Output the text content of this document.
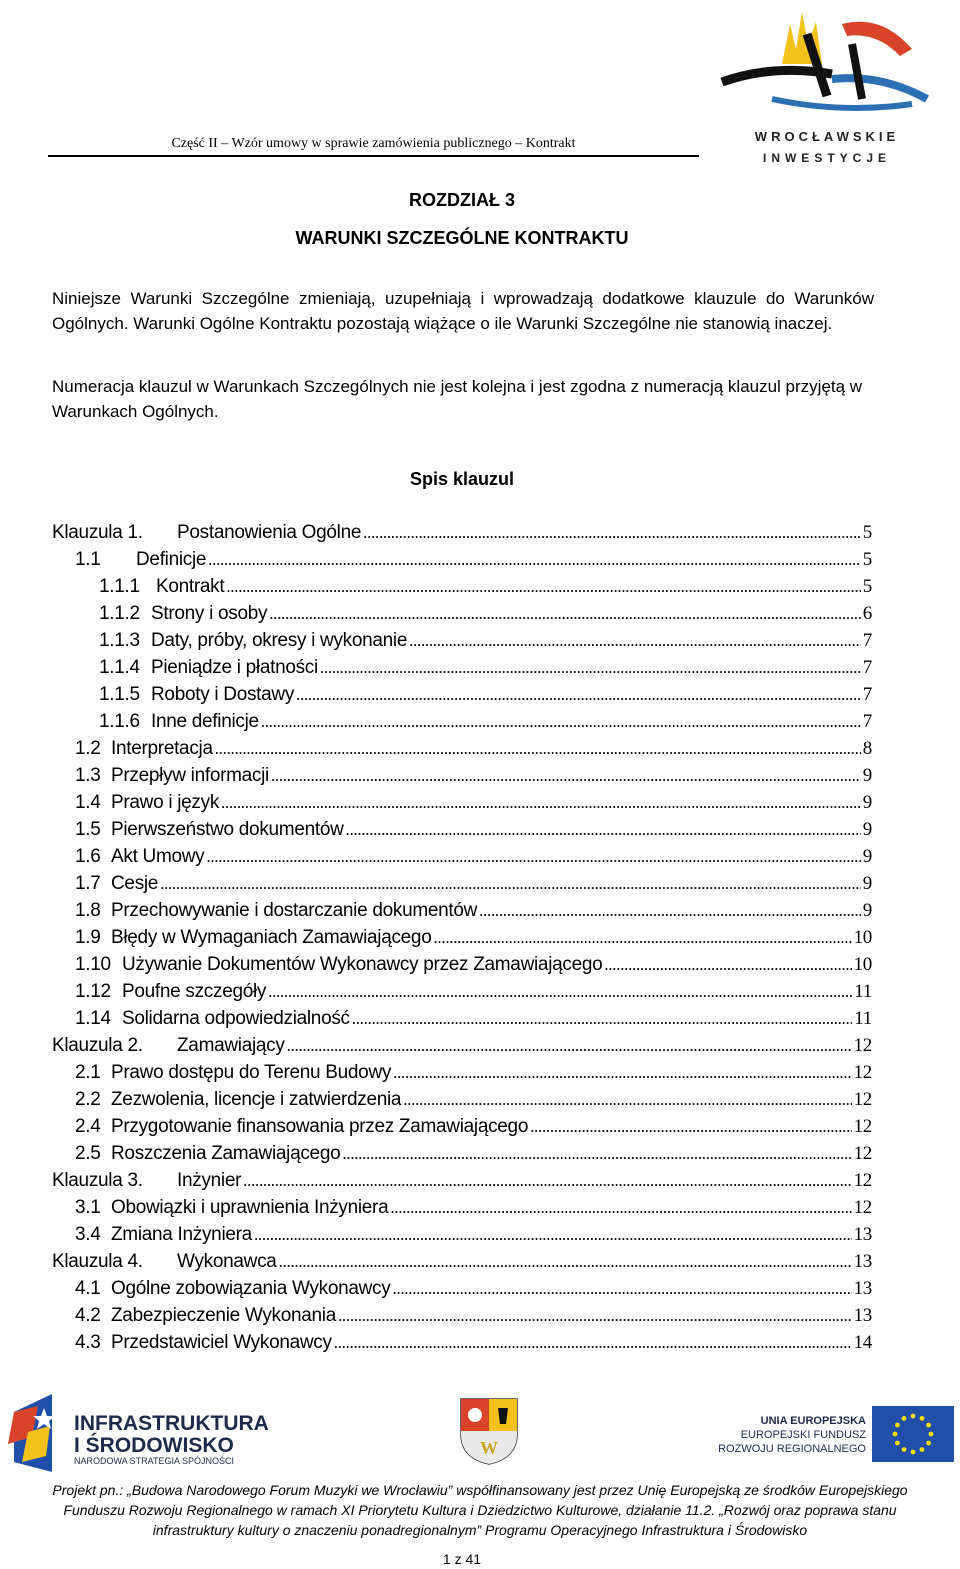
Część II – Wzór umowy w sprawie zamówienia publicznego – Kontrakt	WROCŁAWSKIE
INWESTYCJE
ROZDZIAŁ 3
WARUNKI SZCZEGÓLNE KONTRAKTU
Niniejsze Warunki Szczególne zmieniają, uzupełniają i wprowadzają dodatkowe klauzule do Warunków Ogólnych. Warunki Ogólne Kontraktu pozostają wiążące o ile Warunki Szczególne nie stanowią inaczej.
Numeracja klauzul w Warunkach Szczególnych nie jest kolejna i jest zgodna z numeracją klauzul przyjętą w Warunkach Ogólnych.
Spis klauzul
Klauzula 1.	Postanowienia Ogólne .....	5
1.1	Definicje .....	5
1.1.1 Kontrakt .....	5
1.1.2 Strony i osoby .....	6
1.1.3 Daty, próby, okresy i wykonanie .....	7
1.1.4 Pieniądze i płatności .....	7
1.1.5 Roboty i Dostawy .....	7
1.1.6 Inne definicje .....	7
1.2 Interpretacja .....	8
1.3 Przepływ informacji .....	9
1.4 Prawo i język .....	9
1.5 Pierwszeństwo dokumentów .....	9
1.6 Akt Umowy .....	9
1.7 Cesje .....	9
1.8 Przechowywanie i dostarczanie dokumentów .....	9
1.9 Błędy w Wymaganiach Zamawiającego .....	10
1.10 Używanie Dokumentów Wykonawcy przez Zamawiającego .....	10
1.12 Poufne szczegóły .....	11
1.14 Solidarna odpowiedzialność .....	11
Klauzula 2.	Zamawiający .....	12
2.1 Prawo dostępu do Terenu Budowy .....	12
2.2 Zezwolenia, licencje i zatwierdzenia .....	12
2.4 Przygotowanie finansowania przez Zamawiającego .....	12
2.5 Roszczenia Zamawiającego .....	12
Klauzula 3.	Inżynier .....	12
3.1 Obowiązki i uprawnienia Inżyniera .....	12
3.4 Zmiana Inżyniera .....	13
Klauzula 4.	Wykonawca .....	13
4.1 Ogólne zobowiązania Wykonawcy .....	13
4.2 Zabezpieczenie Wykonania .....	13
4.3 Przedstawiciel Wykonawcy .....	14
INFRASTRUKTURA
I ŚRODOWISKO
NARODOWA STRATEGIA SPÓJNOŚCI
W
UNIA EUROPEJSKA
EUROPEJSKI FUNDUSZ
ROZWOJU REGIONALNEGO
Projekt pn.: „Budowa Narodowego Forum Muzyki we Wrocławiu” współfinansowany jest przez Unię Europejską ze środków Europejskiego Funduszu Rozwoju Regionalnego w ramach XI Priorytetu Kultura i Dziedzictwo Kulturowe, działanie 11.2. „Rozwój oraz poprawa stanu infrastruktury kultury o znaczeniu ponadregionalnym” Programu Operacyjnego Infrastruktura i Środowisko
1 z 41
